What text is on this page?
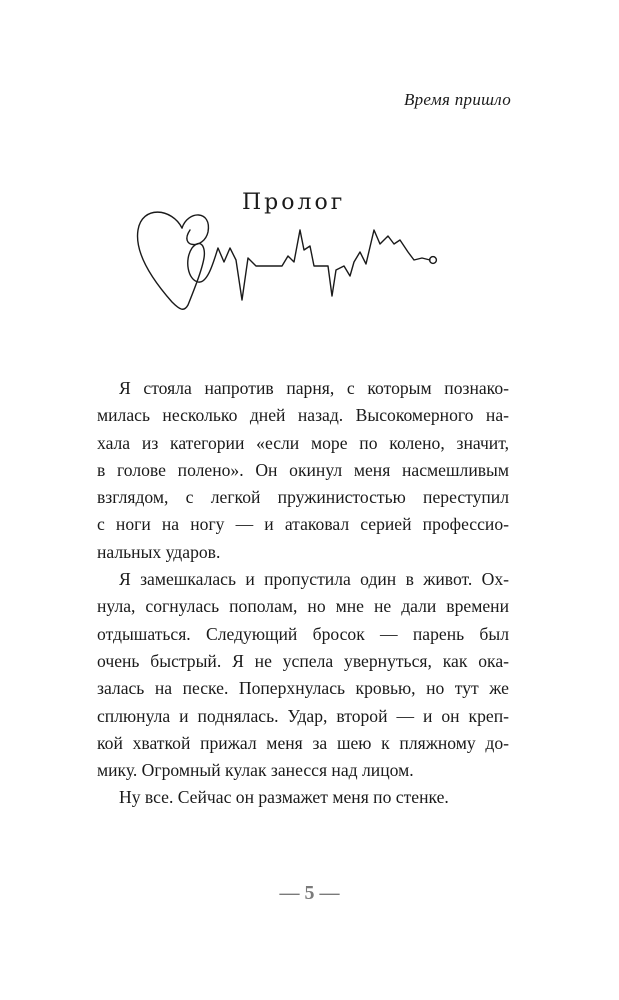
Время пришло
Пролог

Я стояла напротив парня, с которым познако-
милась несколько дней назад. Высокомерного на-
хала из категории «если море по колено, значит,
в голове полено». Он окинул меня насмешливым
взглядом, с легкой пружинистостью переступил
с ноги на ногу — и атаковал серией профессио-
нальных ударов.

Я замешкалась и пропустила один в живот. Ох-
нула, согнулась пополам, но мне не дали времени
отдышаться. Следующий бросок — парень был
очень быстрый. Я не успела увернуться, как ока-
залась на песке. Поперхнулась кровью, но тут же
сплюнула и поднялась. Удар, второй — и он креп-
кой хваткой прижал меня за шею к пляжному до-
мику. Огромный кулак занесся над лицом.

Ну все. Сейчас он размажет меня по стенке.

— 5 —
